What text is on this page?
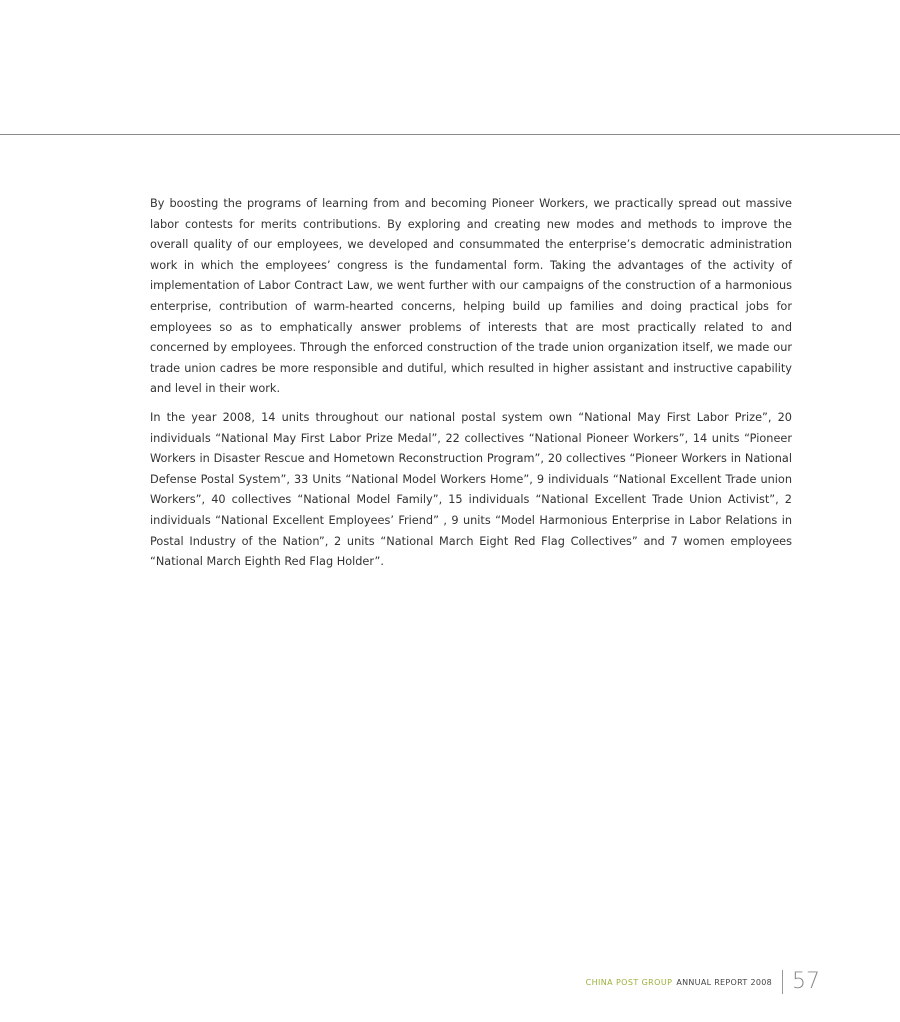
By boosting the programs of learning from and becoming Pioneer Workers, we practically spread out massive labor contests for merits contributions. By exploring and creating new modes and methods to improve the overall quality of our employees, we developed and consummated the enterprise’s democratic administration work in which the employees’ congress is the fundamental form. Taking the advantages of the activity of implementation of Labor Contract Law, we went further with our campaigns of the construction of a harmonious enterprise, contribution of warm-hearted concerns, helping build up families and doing practical jobs for employees so as to emphatically answer problems of interests that are most practically related to and concerned by employees. Through the enforced construction of the trade union organization itself, we made our trade union cadres be more responsible and dutiful, which resulted in higher assistant and instructive capability and level in their work.

In the year 2008, 14 units throughout our national postal system own “National May First Labor Prize”, 20 individuals “National May First Labor Prize Medal”, 22 collectives “National Pioneer Workers”, 14 units “Pioneer Workers in Disaster Rescue and Hometown Reconstruction Program”, 20 collectives “Pioneer Workers in National Defense Postal System”, 33 Units “National Model Workers Home”, 9 individuals “National Excellent Trade union Workers”, 40 collectives “National Model Family”, 15 individuals “National Excellent Trade Union Activist”, 2 individuals “National Excellent Employees’ Friend” , 9 units “Model Harmonious Enterprise in Labor Relations in Postal Industry of the Nation”, 2 units “National March Eight Red Flag Collectives” and 7 women employees “National March Eighth Red Flag Holder”.

CHINA POST GROUP ANNUAL REPORT 2008 57
